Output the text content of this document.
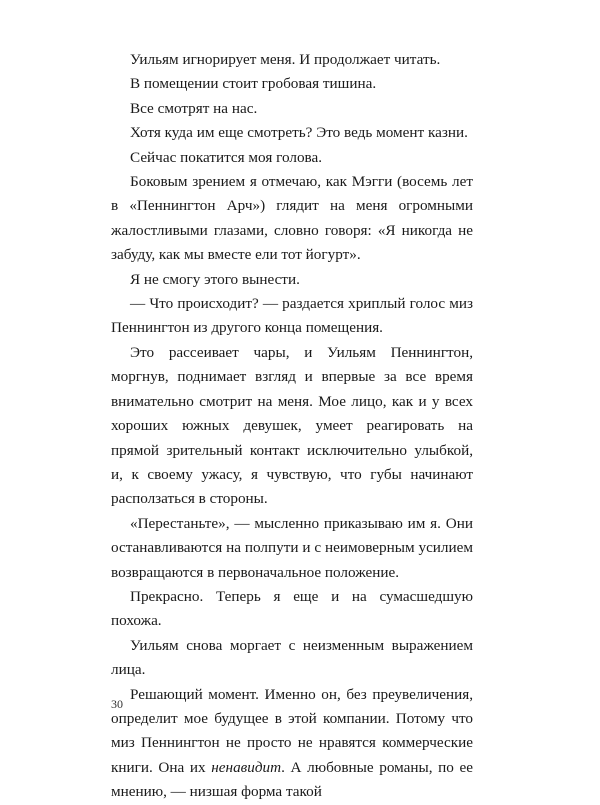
Уильям игнорирует меня. И продолжает читать.

В помещении стоит гробовая тишина.

Все смотрят на нас.

Хотя куда им еще смотреть? Это ведь момент казни.

Сейчас покатится моя голова.

Боковым зрением я отмечаю, как Мэгги (восемь лет в «Пеннингтон Арч») глядит на меня огромными жалостливыми глазами, словно говоря: «Я никогда не забуду, как мы вместе ели тот йогурт».

Я не смогу этого вынести.

— Что происходит? — раздается хриплый голос миз Пеннингтон из другого конца помещения.

Это рассеивает чары, и Уильям Пеннингтон, моргнув, поднимает взгляд и впервые за все время внимательно смотрит на меня. Мое лицо, как и у всех хороших южных девушек, умеет реагировать на прямой зрительный контакт исключительно улыбкой, и, к своему ужасу, я чувствую, что губы начинают расползаться в стороны.

«Перестаньте», — мысленно приказываю им я. Они останавливаются на полпути и с неимоверным усилием возвращаются в первоначальное положение.

Прекрасно. Теперь я еще и на сумасшедшую похожа.

Уильям снова моргает с неизменным выражением лица.

Решающий момент. Именно он, без преувеличения, определит мое будущее в этой компании. Потому что миз Пеннингтон не просто не нравятся коммерческие книги. Она их ненавидит. А любовные романы, по ее мнению, — низшая форма такой

30
